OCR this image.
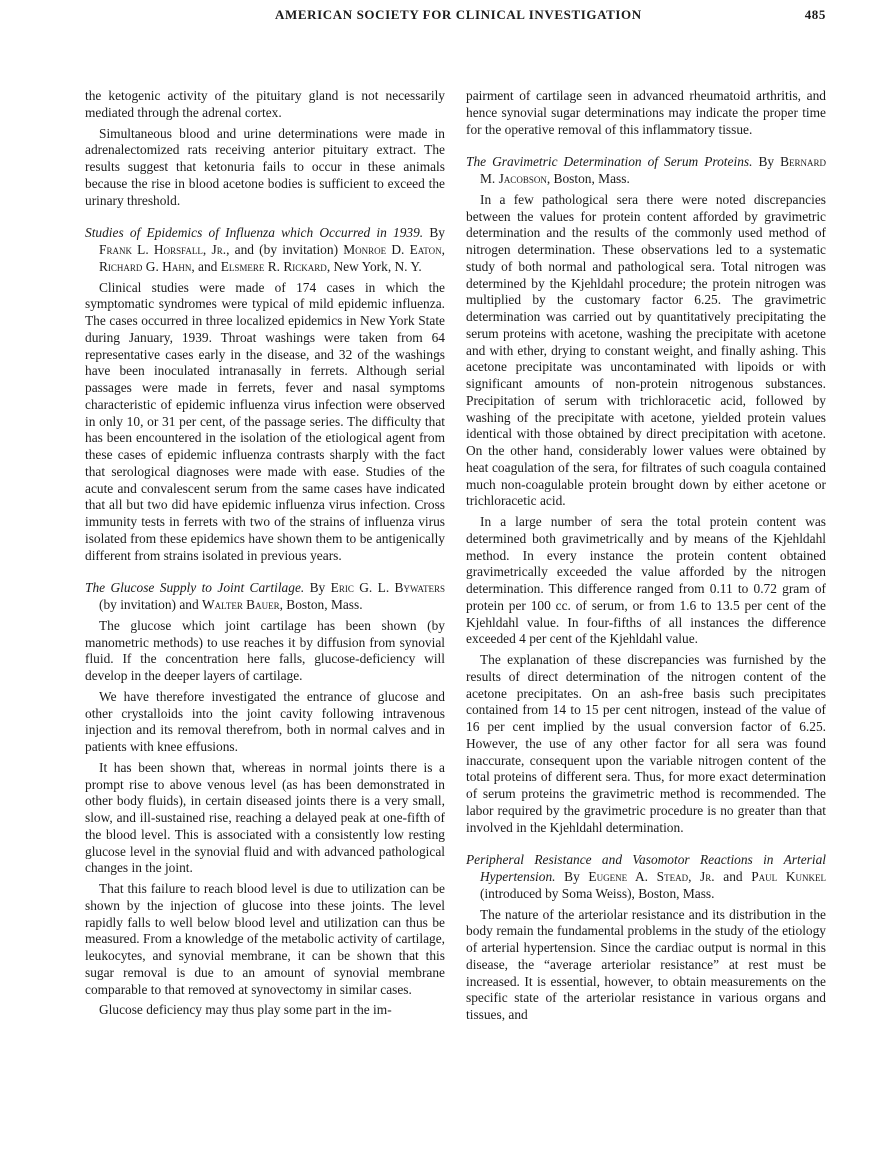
AMERICAN SOCIETY FOR CLINICAL INVESTIGATION	485
the ketogenic activity of the pituitary gland is not necessarily mediated through the adrenal cortex.
Simultaneous blood and urine determinations were made in adrenalectomized rats receiving anterior pituitary extract. The results suggest that ketonuria fails to occur in these animals because the rise in blood acetone bodies is sufficient to exceed the urinary threshold.
Studies of Epidemics of Influenza which Occurred in 1939. By Frank L. Horsfall, Jr., and (by invitation) Monroe D. Eaton, Richard G. Hahn, and Elsmere R. Rickard, New York, N. Y.
Clinical studies were made of 174 cases in which the symptomatic syndromes were typical of mild epidemic influenza. The cases occurred in three localized epidemics in New York State during January, 1939. Throat washings were taken from 64 representative cases early in the disease, and 32 of the washings have been inoculated intranasally in ferrets. Although serial passages were made in ferrets, fever and nasal symptoms characteristic of epidemic influenza virus infection were observed in only 10, or 31 per cent, of the passage series. The difficulty that has been encountered in the isolation of the etiological agent from these cases of epidemic influenza contrasts sharply with the fact that serological diagnoses were made with ease. Studies of the acute and convalescent serum from the same cases have indicated that all but two did have epidemic influenza virus infection. Cross immunity tests in ferrets with two of the strains of influenza virus isolated from these epidemics have shown them to be antigenically different from strains isolated in previous years.
The Glucose Supply to Joint Cartilage. By Eric G. L. Bywaters (by invitation) and Walter Bauer, Boston, Mass.
The glucose which joint cartilage has been shown (by manometric methods) to use reaches it by diffusion from synovial fluid. If the concentration here falls, glucose-deficiency will develop in the deeper layers of cartilage.
We have therefore investigated the entrance of glucose and other crystalloids into the joint cavity following intravenous injection and its removal therefrom, both in normal calves and in patients with knee effusions.
It has been shown that, whereas in normal joints there is a prompt rise to above venous level (as has been demonstrated in other body fluids), in certain diseased joints there is a very small, slow, and ill-sustained rise, reaching a delayed peak at one-fifth of the blood level. This is associated with a consistently low resting glucose level in the synovial fluid and with advanced pathological changes in the joint.
That this failure to reach blood level is due to utilization can be shown by the injection of glucose into these joints. The level rapidly falls to well below blood level and utilization can thus be measured. From a knowledge of the metabolic activity of cartilage, leukocytes, and synovial membrane, it can be shown that this sugar removal is due to an amount of synovial membrane comparable to that removed at synovectomy in similar cases.
Glucose deficiency may thus play some part in the im-
pairment of cartilage seen in advanced rheumatoid arthritis, and hence synovial sugar determinations may indicate the proper time for the operative removal of this inflammatory tissue.
The Gravimetric Determination of Serum Proteins. By Bernard M. Jacobson, Boston, Mass.
In a few pathological sera there were noted discrepancies between the values for protein content afforded by gravimetric determination and the results of the commonly used method of nitrogen determination. These observations led to a systematic study of both normal and pathological sera. Total nitrogen was determined by the Kjehldahl procedure; the protein nitrogen was multiplied by the customary factor 6.25. The gravimetric determination was carried out by quantitatively precipitating the serum proteins with acetone, washing the precipitate with acetone and with ether, drying to constant weight, and finally ashing. This acetone precipitate was uncontaminated with lipoids or with significant amounts of non-protein nitrogenous substances. Precipitation of serum with trichloracetic acid, followed by washing of the precipitate with acetone, yielded protein values identical with those obtained by direct precipitation with acetone. On the other hand, considerably lower values were obtained by heat coagulation of the sera, for filtrates of such coagula contained much non-coagulable protein brought down by either acetone or trichloracetic acid.
In a large number of sera the total protein content was determined both gravimetrically and by means of the Kjehldahl method. In every instance the protein content obtained gravimetrically exceeded the value afforded by the nitrogen determination. This difference ranged from 0.11 to 0.72 gram of protein per 100 cc. of serum, or from 1.6 to 13.5 per cent of the Kjehldahl value. In four-fifths of all instances the difference exceeded 4 per cent of the Kjehldahl value.
The explanation of these discrepancies was furnished by the results of direct determination of the nitrogen content of the acetone precipitates. On an ash-free basis such precipitates contained from 14 to 15 per cent nitrogen, instead of the value of 16 per cent implied by the usual conversion factor of 6.25. However, the use of any other factor for all sera was found inaccurate, consequent upon the variable nitrogen content of the total proteins of different sera. Thus, for more exact determination of serum proteins the gravimetric method is recommended. The labor required by the gravimetric procedure is no greater than that involved in the Kjehldahl determination.
Peripheral Resistance and Vasomotor Reactions in Arterial Hypertension. By Eugene A. Stead, Jr. and Paul Kunkel (introduced by Soma Weiss), Boston, Mass.
The nature of the arteriolar resistance and its distribution in the body remain the fundamental problems in the study of the etiology of arterial hypertension. Since the cardiac output is normal in this disease, the “average arteriolar resistance” at rest must be increased. It is essential, however, to obtain measurements on the specific state of the arteriolar resistance in various organs and tissues, and
